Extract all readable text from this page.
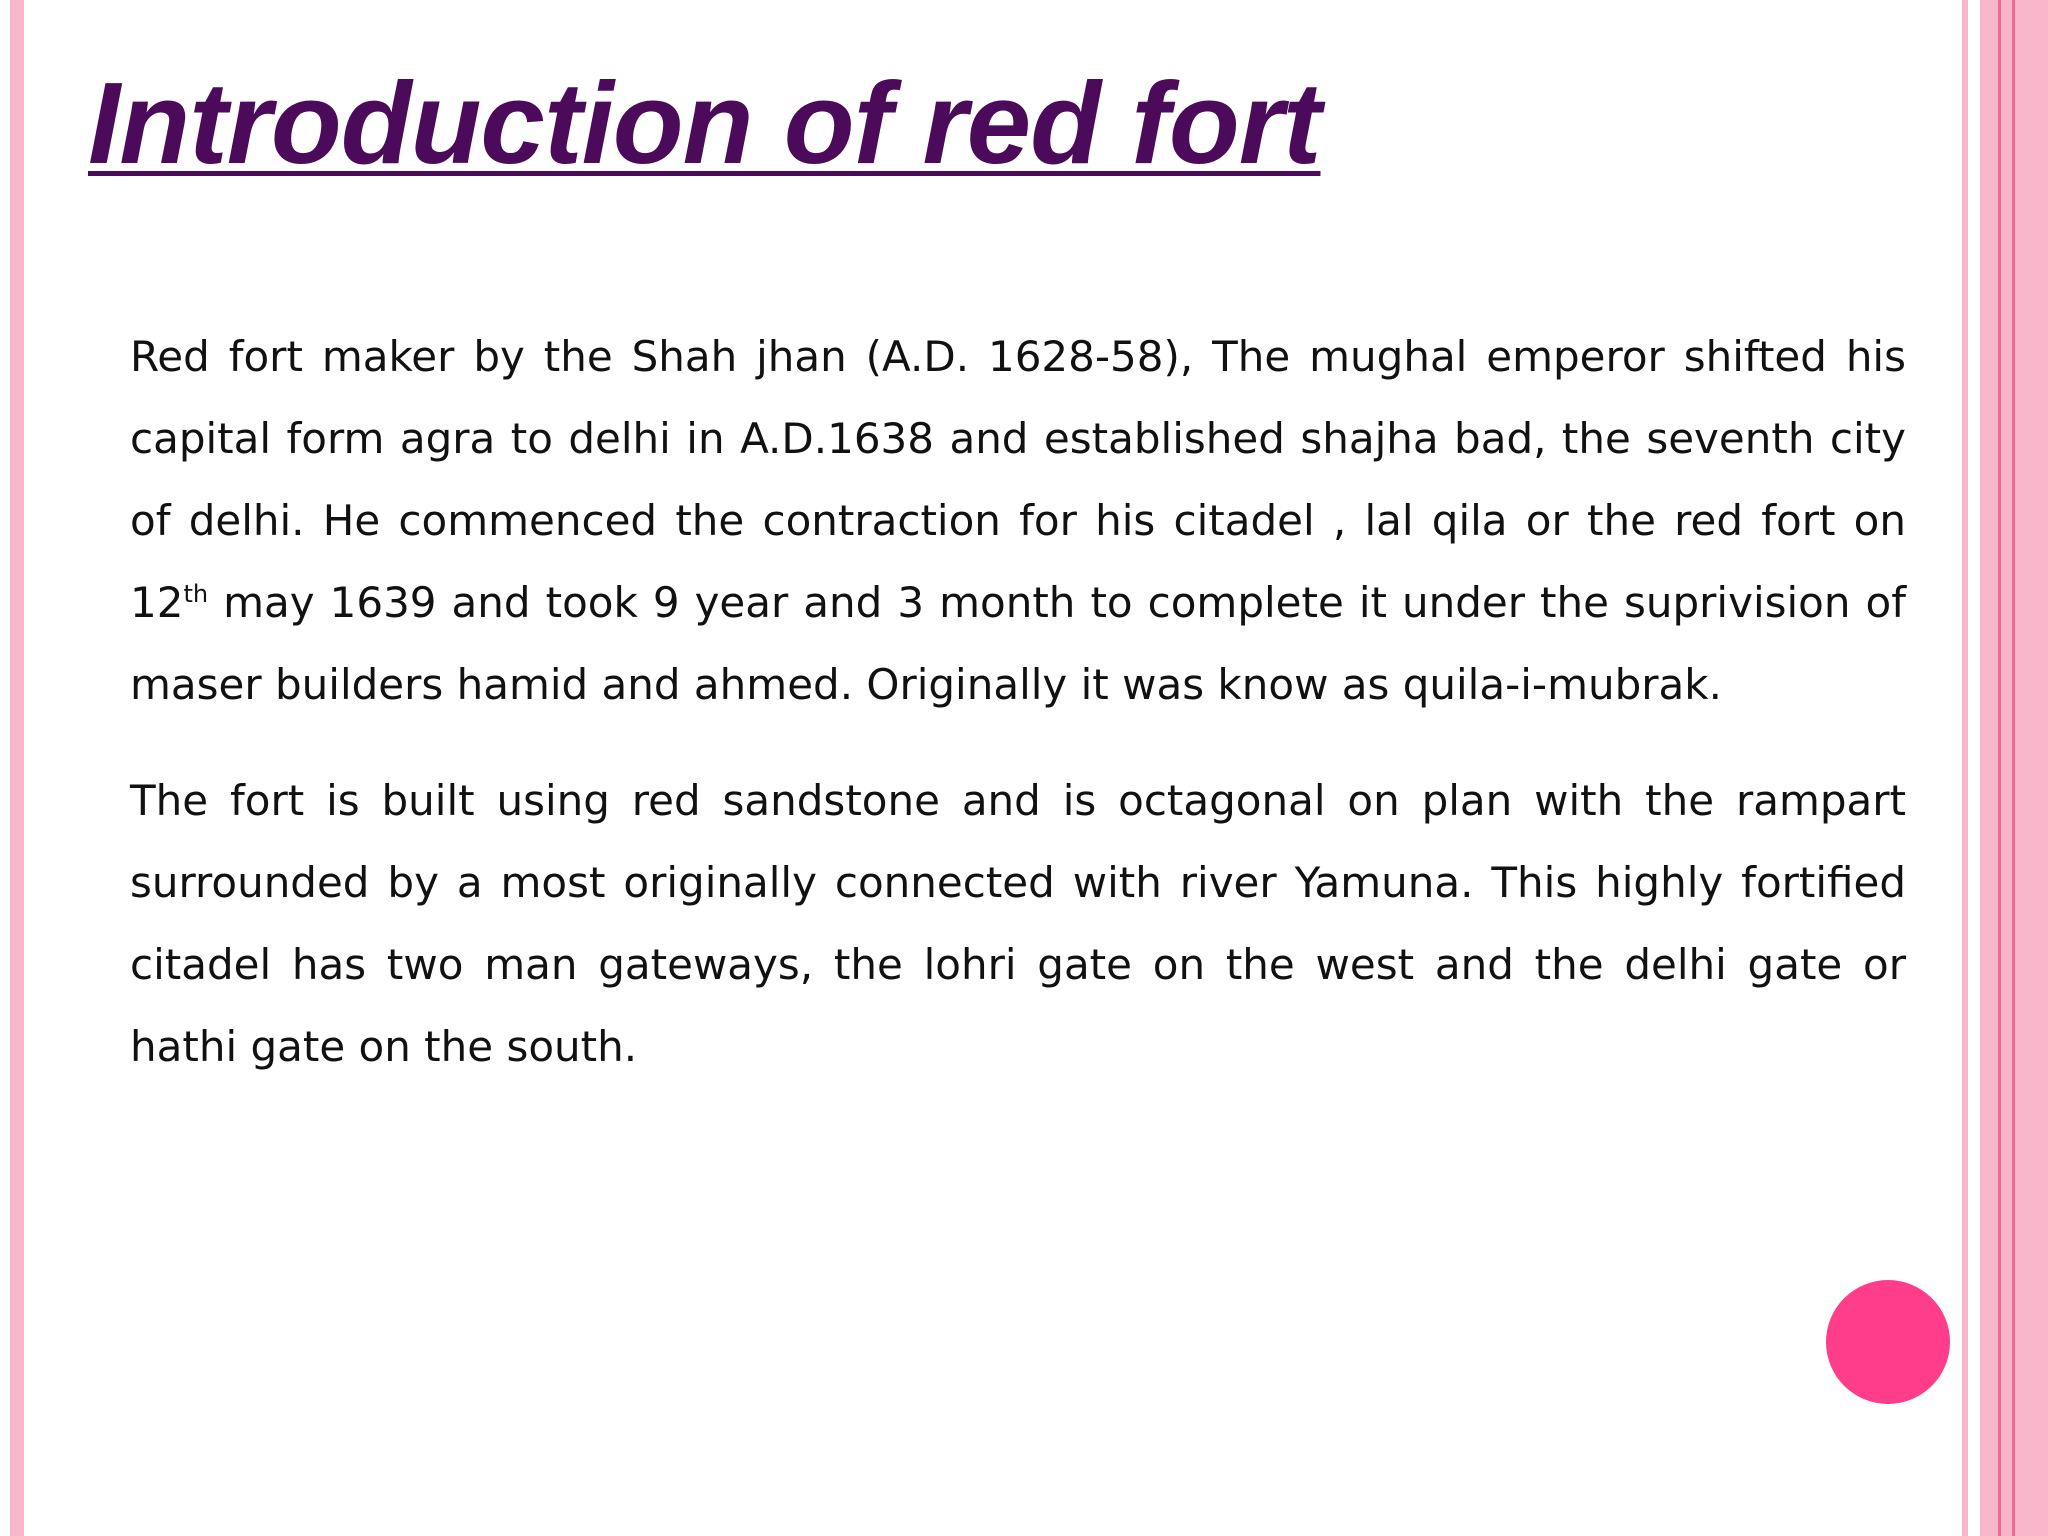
Introduction of red fort

Red fort maker by the Shah jhan (A.D. 1628-58), The mughal emperor shifted his capital form agra to delhi in A.D.1638 and established shajha bad, the seventh city of delhi. He commenced the contraction for his citadel , lal qila or the red fort on 12th may 1639 and took 9 year and 3 month to complete it under the suprivision of maser builders hamid and ahmed. Originally it was know as quila-i-mubrak.

The fort is built using red sandstone and is octagonal on plan with the rampart surrounded by a most originally connected with river Yamuna. This highly fortified citadel has two man gateways, the lohri gate on the west and the delhi gate or hathi gate on the south.
